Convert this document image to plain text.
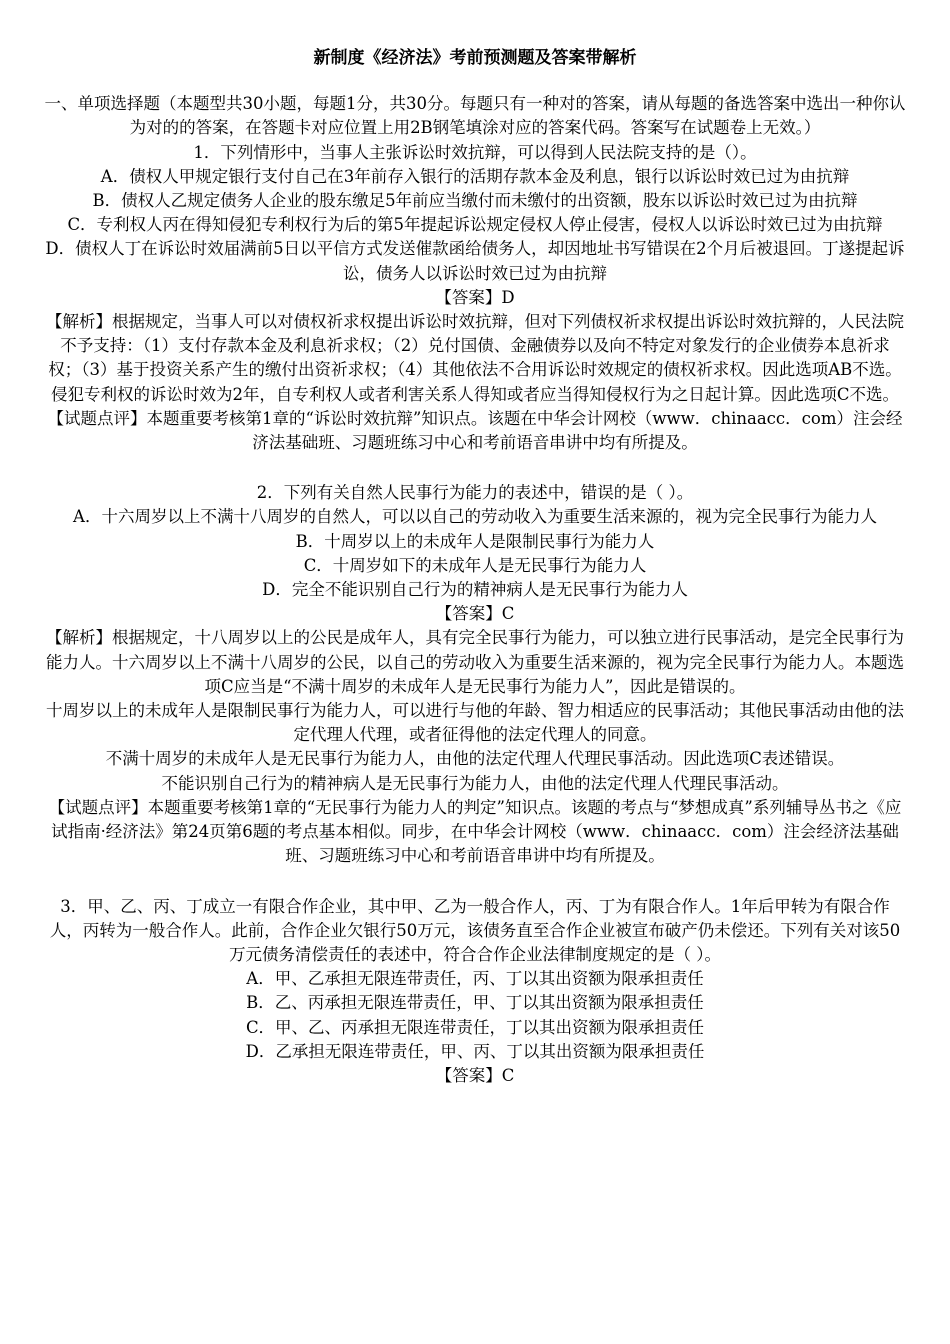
新制度《经济法》考前预测题及答案带解析

一、单项选择题（本题型共30小题，每题1分，共30分。每题只有一种对的答案，请从每题的备选答案中选出一种你认为对的的答案，在答题卡对应位置上用2B钢笔填涂对应的答案代码。答案写在试题卷上无效。）

1．下列情形中，当事人主张诉讼时效抗辩，可以得到人民法院支持的是（）。

A．债权人甲规定银行支付自己在3年前存入银行的活期存款本金及利息，银行以诉讼时效已过为由抗辩

B．债权人乙规定债务人企业的股东缴足5年前应当缴付而未缴付的出资额，股东以诉讼时效已过为由抗辩

C．专利权人丙在得知侵犯专利权行为后的第5年提起诉讼规定侵权人停止侵害，侵权人以诉讼时效已过为由抗辩

D．债权人丁在诉讼时效届满前5日以平信方式发送催款函给债务人，却因地址书写错误在2个月后被退回。丁遂提起诉讼，债务人以诉讼时效已过为由抗辩

【答案】D

【解析】根据规定，当事人可以对债权祈求权提出诉讼时效抗辩，但对下列债权祈求权提出诉讼时效抗辩的，人民法院不予支持：（1）支付存款本金及利息祈求权；（2）兑付国债、金融债券以及向不特定对象发行的企业债券本息祈求权；（3）基于投资关系产生的缴付出资祈求权；（4）其他依法不合用诉讼时效规定的债权祈求权。因此选项AB不选。侵犯专利权的诉讼时效为2年，自专利权人或者利害关系人得知或者应当得知侵权行为之日起计算。因此选项C不选。

【试题点评】本题重要考核第1章的“诉讼时效抗辩”知识点。该题在中华会计网校（www．chinaacc．com）注会经济法基础班、习题班练习中心和考前语音串讲中均有所提及。

2．下列有关自然人民事行为能力的表述中，错误的是（ ）。

A．十六周岁以上不满十八周岁的自然人，可以以自己的劳动收入为重要生活来源的，视为完全民事行为能力人

B．十周岁以上的未成年人是限制民事行为能力人

C．十周岁如下的未成年人是无民事行为能力人

D．完全不能识别自己行为的精神病人是无民事行为能力人

【答案】C

【解析】根据规定，十八周岁以上的公民是成年人，具有完全民事行为能力，可以独立进行民事活动，是完全民事行为能力人。十六周岁以上不满十八周岁的公民，以自己的劳动收入为重要生活来源的，视为完全民事行为能力人。本题选项C应当是“不满十周岁的未成年人是无民事行为能力人”，因此是错误的。

十周岁以上的未成年人是限制民事行为能力人，可以进行与他的年龄、智力相适应的民事活动；其他民事活动由他的法定代理人代理，或者征得他的法定代理人的同意。

不满十周岁的未成年人是无民事行为能力人，由他的法定代理人代理民事活动。因此选项C表述错误。

不能识别自己行为的精神病人是无民事行为能力人，由他的法定代理人代理民事活动。

【试题点评】本题重要考核第1章的“无民事行为能力人的判定”知识点。该题的考点与“梦想成真”系列辅导丛书之《应试指南·经济法》第24页第6题的考点基本相似。同步，在中华会计网校（www．chinaacc．com）注会经济法基础班、习题班练习中心和考前语音串讲中均有所提及。

3．甲、乙、丙、丁成立一有限合作企业，其中甲、乙为一般合作人，丙、丁为有限合作人。1年后甲转为有限合作人，丙转为一般合作人。此前，合作企业欠银行50万元，该债务直至合作企业被宣布破产仍未偿还。下列有关对该50万元债务清偿责任的表述中，符合合作企业法律制度规定的是（ ）。

A．甲、乙承担无限连带责任，丙、丁以其出资额为限承担责任

B．乙、丙承担无限连带责任，甲、丁以其出资额为限承担责任

C．甲、乙、丙承担无限连带责任，丁以其出资额为限承担责任

D．乙承担无限连带责任，甲、丙、丁以其出资额为限承担责任

【答案】C
